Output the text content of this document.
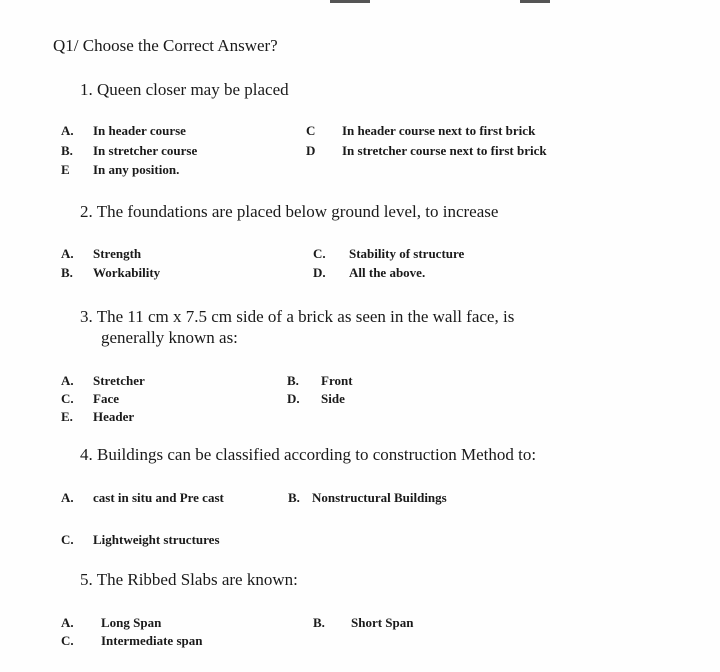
Q1/ Choose the Correct Answer?
1. Queen closer may be placed
A. In header course	C In header course next to first brick
B. In stretcher course	D In stretcher course next to first brick
E In any position.
2. The foundations are placed below ground level, to increase
A. Strength	C. Stability of structure
B. Workability	D. All the above.
3. The 11 cm x 7.5 cm side of a brick as seen in the wall face, is
generally known as:
A. Stretcher	B. Front
C. Face	D. Side
E. Header
4. Buildings can be classified according to construction Method to:
A. cast in situ and Pre cast	B. Nonstructural Buildings
C. Lightweight structures
5. The Ribbed Slabs are known:
A. Long Span	B. Short Span
C. Intermediate span
